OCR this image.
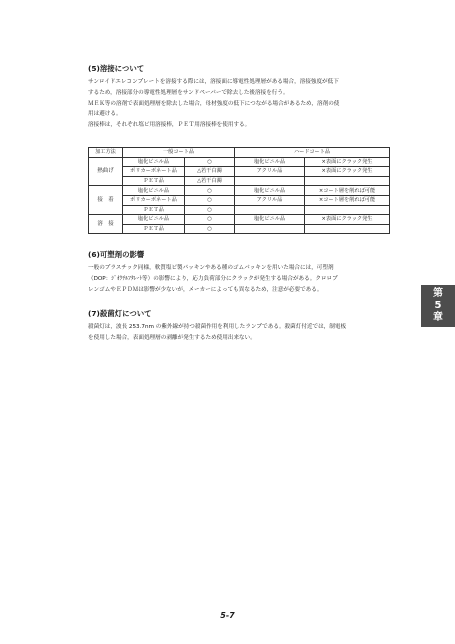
(5)溶接について

サンロイドエレコンプレートを溶接する際には，溶接面に導電性処理層がある場合，溶接強度が低下

するため，溶接部分の導電性処理層をサンドペーパーで除去した後溶接を行う。

ＭＥＫ等の溶剤で表面処理層を除去した場合，母材強度の低下につながる場合があるため，溶剤の使

用は避ける。

溶接棒は，それぞれ塩ビ用溶接棒，ＰＥＴ用溶接棒を使用する。

加工方法	一般コート品		ハードコート品	
熱曲げ	塩化ビニル品	○	塩化ビニル品	×表面にクラック発生
	ポリカーボネート品	△若干白濁	アクリル品	×表面にクラック発生
	ＰＥＴ品	△若干白濁		
接　着	塩化ビニル品	○	塩化ビニル品	×コート層を削れば可能
	ポリカーボネート品	○	アクリル品	×コート層を削れば可能
	ＰＥＴ品	○		
溶　接	塩化ビニル品	○	塩化ビニル品	×表面にクラック発生
	ＰＥＴ品	○		
(6)可塑剤の影響

一般のプラスチック同様，軟質塩ビ製パッキンやある種のゴムパッキンを用いた場合には，可塑剤

（DOP：ｼﾞｵｸﾁﾙﾌﾀﾚｰﾄ等）の影響により，応力負荷部分にクラックが発生する場合がある。クロロプ

レンゴムやＥＰＤＭは影響が少ないが，メーカーによっても異なるため，注意が必要である。

(7)殺菌灯について

殺菌灯は，波長 253.7nm の紫外線が持つ殺菌作用を利用したランプである。殺菌灯付近では，制電板

を使用した場合，表面処理層の剥離が発生するため使用出来ない。

第
5
章
5-7
